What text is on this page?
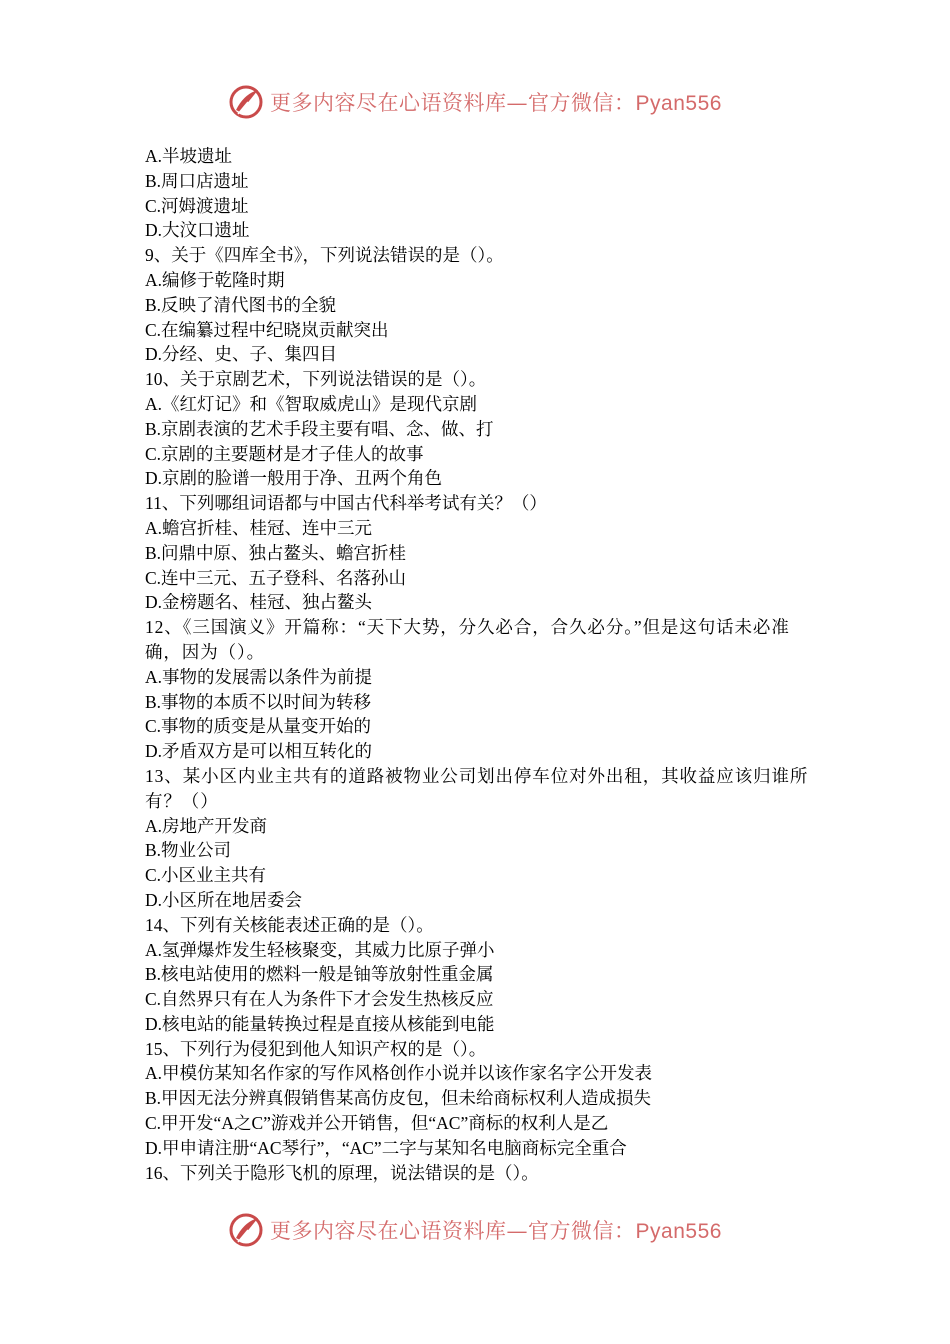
更多内容尽在心语资料库—官方微信：Pyan556
A.半坡遗址
B.周口店遗址
C.河姆渡遗址
D.大汶口遗址
9、关于《四库全书》，下列说法错误的是（）。
A.编修于乾隆时期
B.反映了清代图书的全貌
C.在编纂过程中纪晓岚贡献突出
D.分经、史、子、集四目
10、关于京剧艺术，下列说法错误的是（）。
A.《红灯记》和《智取威虎山》是现代京剧
B.京剧表演的艺术手段主要有唱、念、做、打
C.京剧的主要题材是才子佳人的故事
D.京剧的脸谱一般用于净、丑两个角色
11、下列哪组词语都与中国古代科举考试有关？（）
A.蟾宫折桂、桂冠、连中三元
B.问鼎中原、独占鳌头、蟾宫折桂
C.连中三元、五子登科、名落孙山
D.金榜题名、桂冠、独占鳌头
12、《三国演义》开篇称：“天下大势，分久必合，合久必分。”但是这句话未必准确，因为（）。
A.事物的发展需以条件为前提
B.事物的本质不以时间为转移
C.事物的质变是从量变开始的
D.矛盾双方是可以相互转化的
13、某小区内业主共有的道路被物业公司划出停车位对外出租，其收益应该归谁所有？（）
A.房地产开发商
B.物业公司
C.小区业主共有
D.小区所在地居委会
14、下列有关核能表述正确的是（）。
A.氢弹爆炸发生轻核聚变，其威力比原子弹小
B.核电站使用的燃料一般是铀等放射性重金属
C.自然界只有在人为条件下才会发生热核反应
D.核电站的能量转换过程是直接从核能到电能
15、下列行为侵犯到他人知识产权的是（）。
A.甲模仿某知名作家的写作风格创作小说并以该作家名字公开发表
B.甲因无法分辨真假销售某高仿皮包，但未给商标权利人造成损失
C.甲开发“A之C”游戏并公开销售，但“AC”商标的权利人是乙
D.甲申请注册“AC琴行”，“AC”二字与某知名电脑商标完全重合
16、下列关于隐形飞机的原理，说法错误的是（）。
更多内容尽在心语资料库—官方微信：Pyan556
